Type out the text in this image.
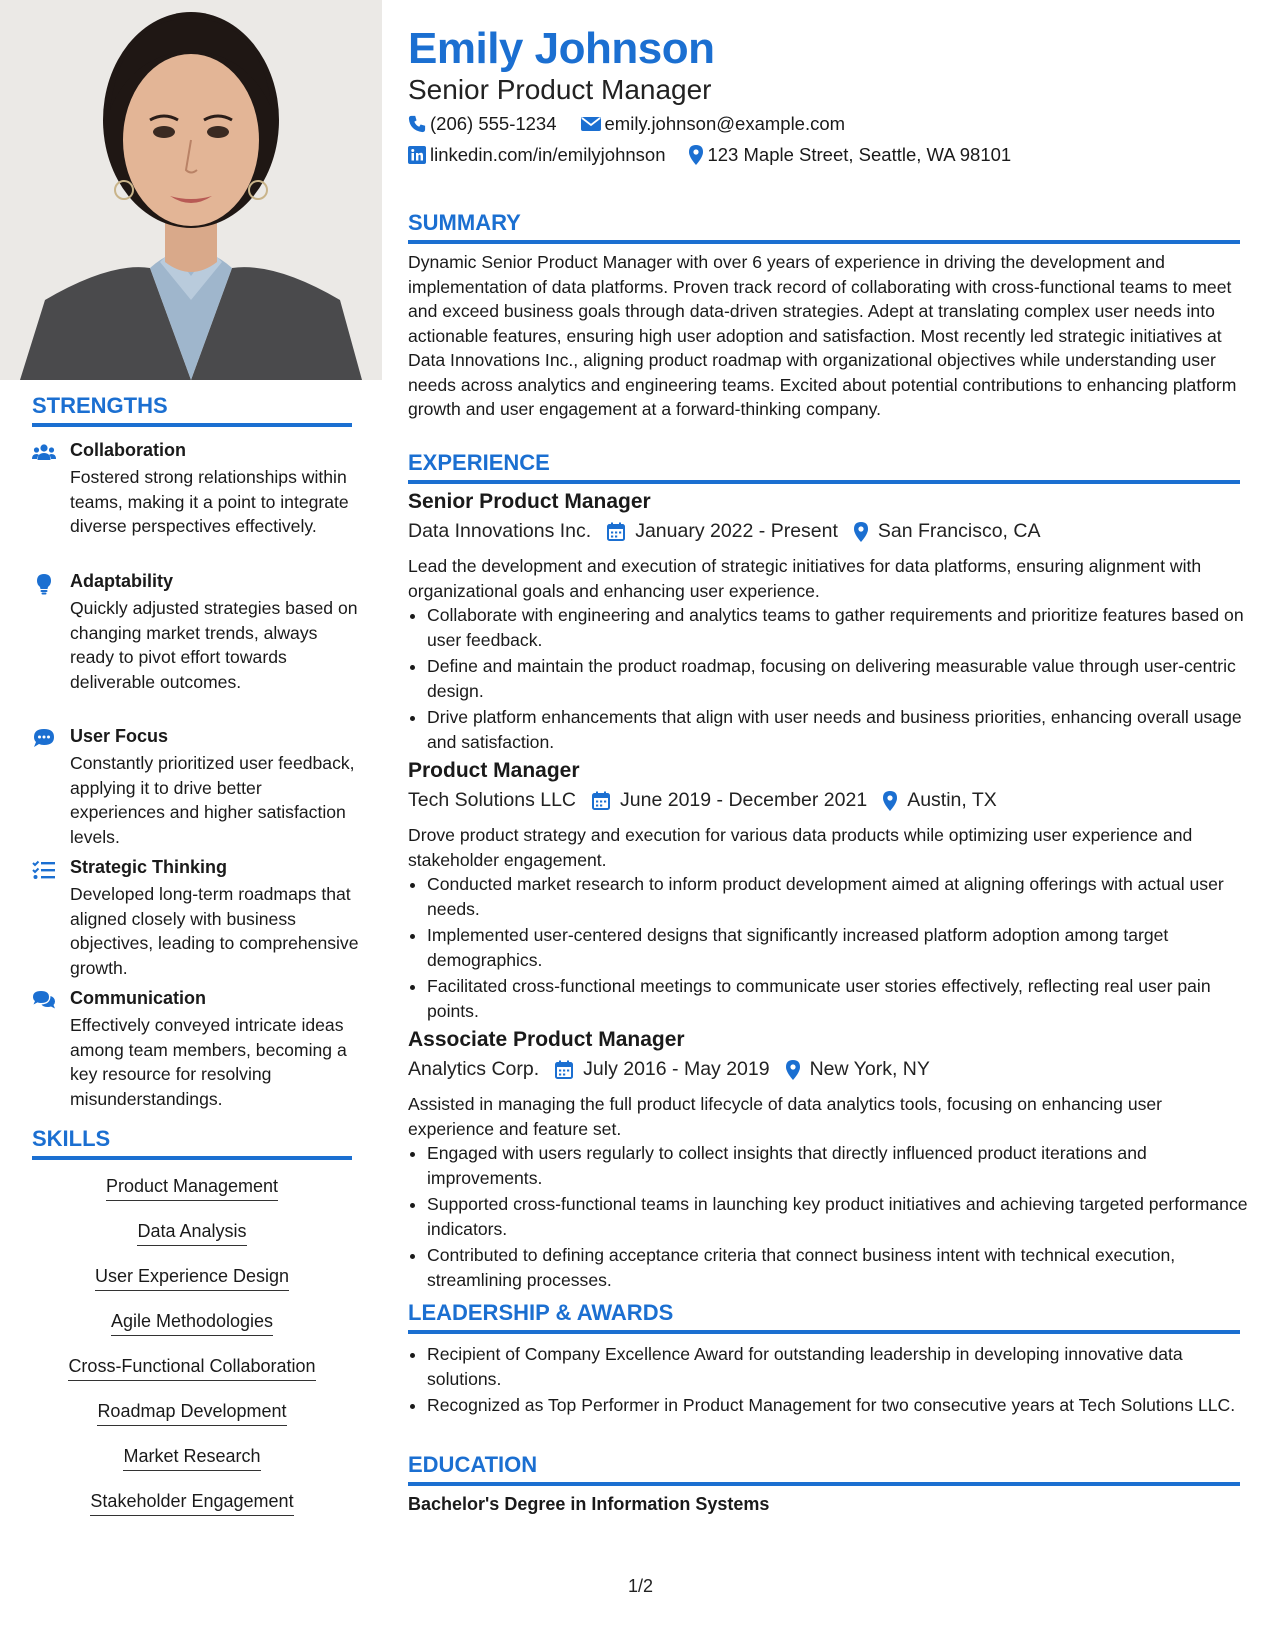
STRENGTHS
Collaboration
Fostered strong relationships within teams, making it a point to integrate diverse perspectives effectively.
Adaptability
Quickly adjusted strategies based on changing market trends, always ready to pivot effort towards deliverable outcomes.
User Focus
Constantly prioritized user feedback, applying it to drive better experiences and higher satisfaction levels.
Strategic Thinking
Developed long-term roadmaps that aligned closely with business objectives, leading to comprehensive growth.
Communication
Effectively conveyed intricate ideas among team members, becoming a key resource for resolving misunderstandings.
SKILLS
Product Management
Data Analysis
User Experience Design
Agile Methodologies
Cross-Functional Collaboration
Roadmap Development
Market Research
Stakeholder Engagement
Emily Johnson
Senior Product Manager
(206) 555-1234	emily.johnson@example.com
linkedin.com/in/emilyjohnson 123 Maple Street, Seattle, WA 98101
SUMMARY
Dynamic Senior Product Manager with over 6 years of experience in driving the development and implementation of data platforms. Proven track record of collaborating with cross-functional teams to meet and exceed business goals through data-driven strategies. Adept at translating complex user needs into actionable features, ensuring high user adoption and satisfaction. Most recently led strategic initiatives at Data Innovations Inc., aligning product roadmap with organizational objectives while understanding user needs across analytics and engineering teams. Excited about potential contributions to enhancing platform growth and user engagement at a forward-thinking company.
EXPERIENCE
Senior Product Manager
Data Innovations Inc. January 2022 - Present San Francisco, CA
Lead the development and execution of strategic initiatives for data platforms, ensuring alignment with organizational goals and enhancing user experience.
• Collaborate with engineering and analytics teams to gather requirements and prioritize features based on user feedback.
• Define and maintain the product roadmap, focusing on delivering measurable value through user-centric design.
• Drive platform enhancements that align with user needs and business priorities, enhancing overall usage and satisfaction.
Product Manager
Tech Solutions LLC June 2019 - December 2021 Austin, TX
Drove product strategy and execution for various data products while optimizing user experience and stakeholder engagement.
• Conducted market research to inform product development aimed at aligning offerings with actual user needs.
• Implemented user-centered designs that significantly increased platform adoption among target demographics.
• Facilitated cross-functional meetings to communicate user stories effectively, reflecting real user pain points.
Associate Product Manager
Analytics Corp. July 2016 - May 2019 New York, NY
Assisted in managing the full product lifecycle of data analytics tools, focusing on enhancing user experience and feature set.
• Engaged with users regularly to collect insights that directly influenced product iterations and improvements.
• Supported cross-functional teams in launching key product initiatives and achieving targeted performance indicators.
• Contributed to defining acceptance criteria that connect business intent with technical execution, streamlining processes.
LEADERSHIP & AWARDS
• Recipient of Company Excellence Award for outstanding leadership in developing innovative data solutions.
• Recognized as Top Performer in Product Management for two consecutive years at Tech Solutions LLC.
EDUCATION
Bachelor's Degree in Information Systems
1/2
